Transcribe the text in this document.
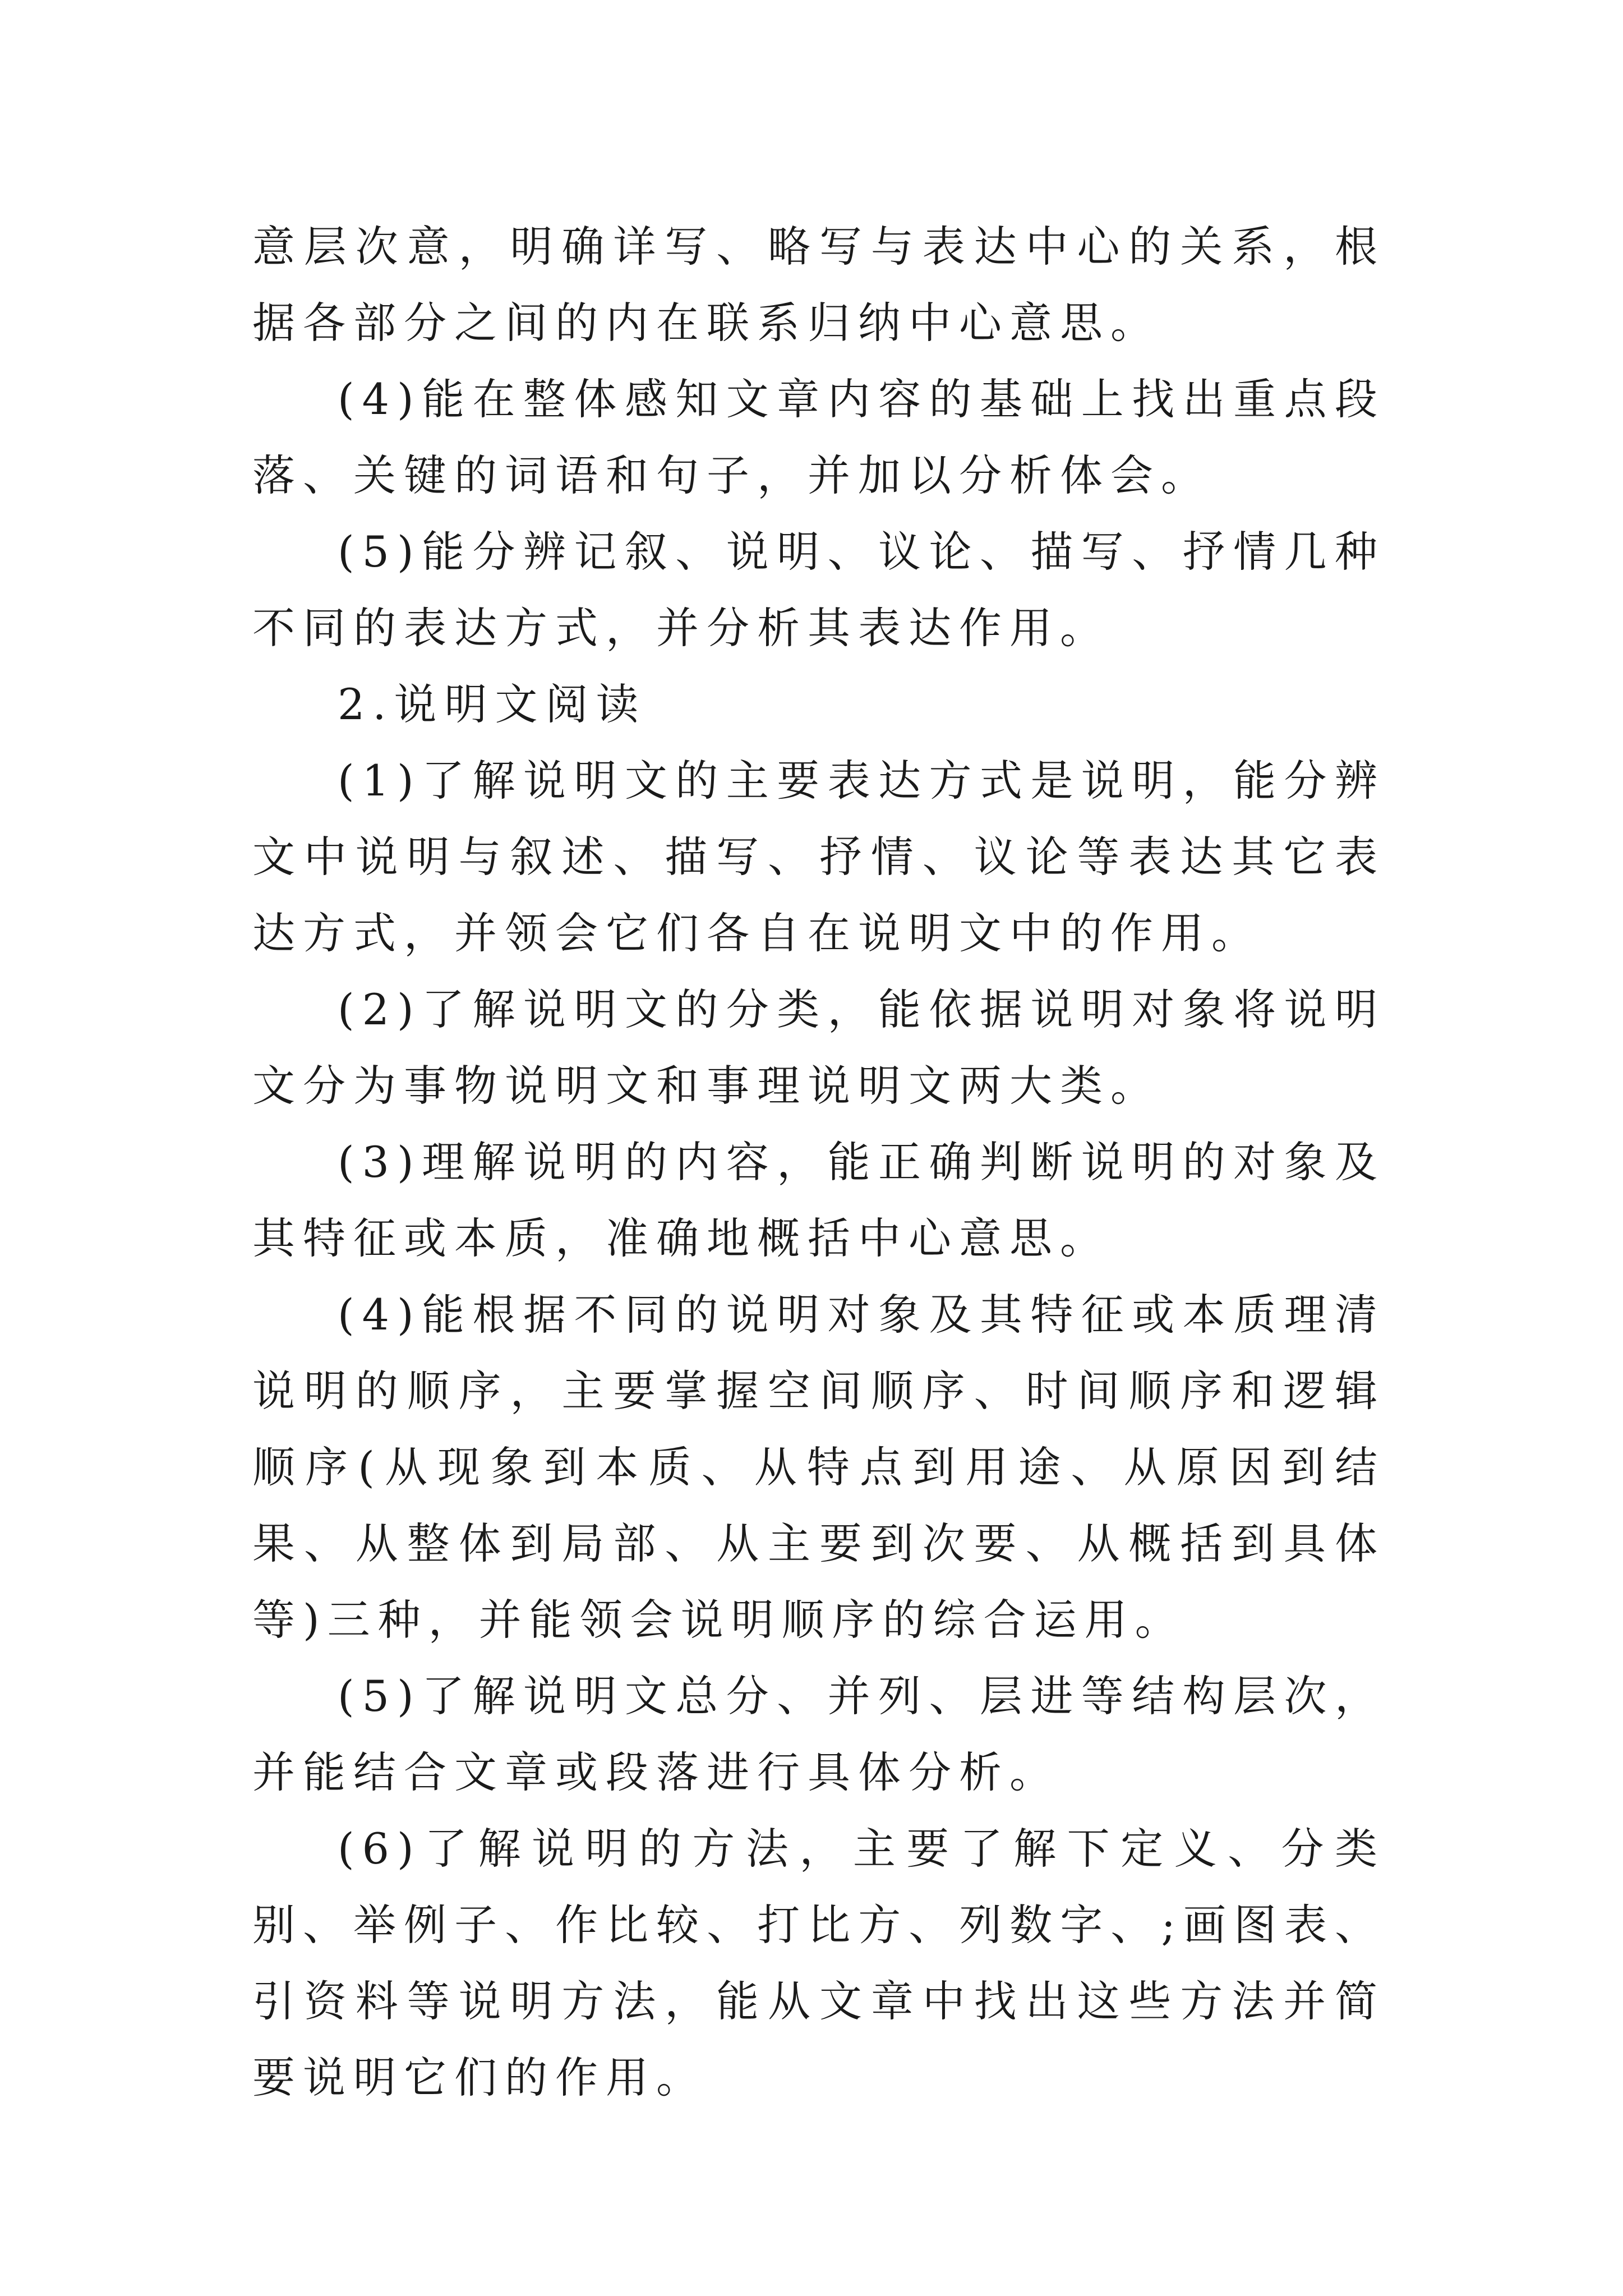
意层次意，明确详写、略写与表达中心的关系，根据各部分之间的内在联系归纳中心意思。

(4)能在整体感知文章内容的基础上找出重点段落、关键的词语和句子，并加以分析体会。

(5)能分辨记叙、说明、议论、描写、抒情几种不同的表达方式，并分析其表达作用。

2.说明文阅读

(1)了解说明文的主要表达方式是说明，能分辨文中说明与叙述、描写、抒情、议论等表达其它表达方式，并领会它们各自在说明文中的作用。

(2)了解说明文的分类，能依据说明对象将说明文分为事物说明文和事理说明文两大类。

(3)理解说明的内容，能正确判断说明的对象及其特征或本质，准确地概括中心意思。

(4)能根据不同的说明对象及其特征或本质理清说明的顺序，主要掌握空间顺序、时间顺序和逻辑顺序(从现象到本质、从特点到用途、从原因到结果、从整体到局部、从主要到次要、从概括到具体等)三种，并能领会说明顺序的综合运用。

(5)了解说明文总分、并列、层进等结构层次，并能结合文章或段落进行具体分析。

(6)了解说明的方法，主要了解下定义、分类别、举例子、作比较、打比方、列数字、;画图表、引资料等说明方法，能从文章中找出这些方法并简要说明它们的作用。
